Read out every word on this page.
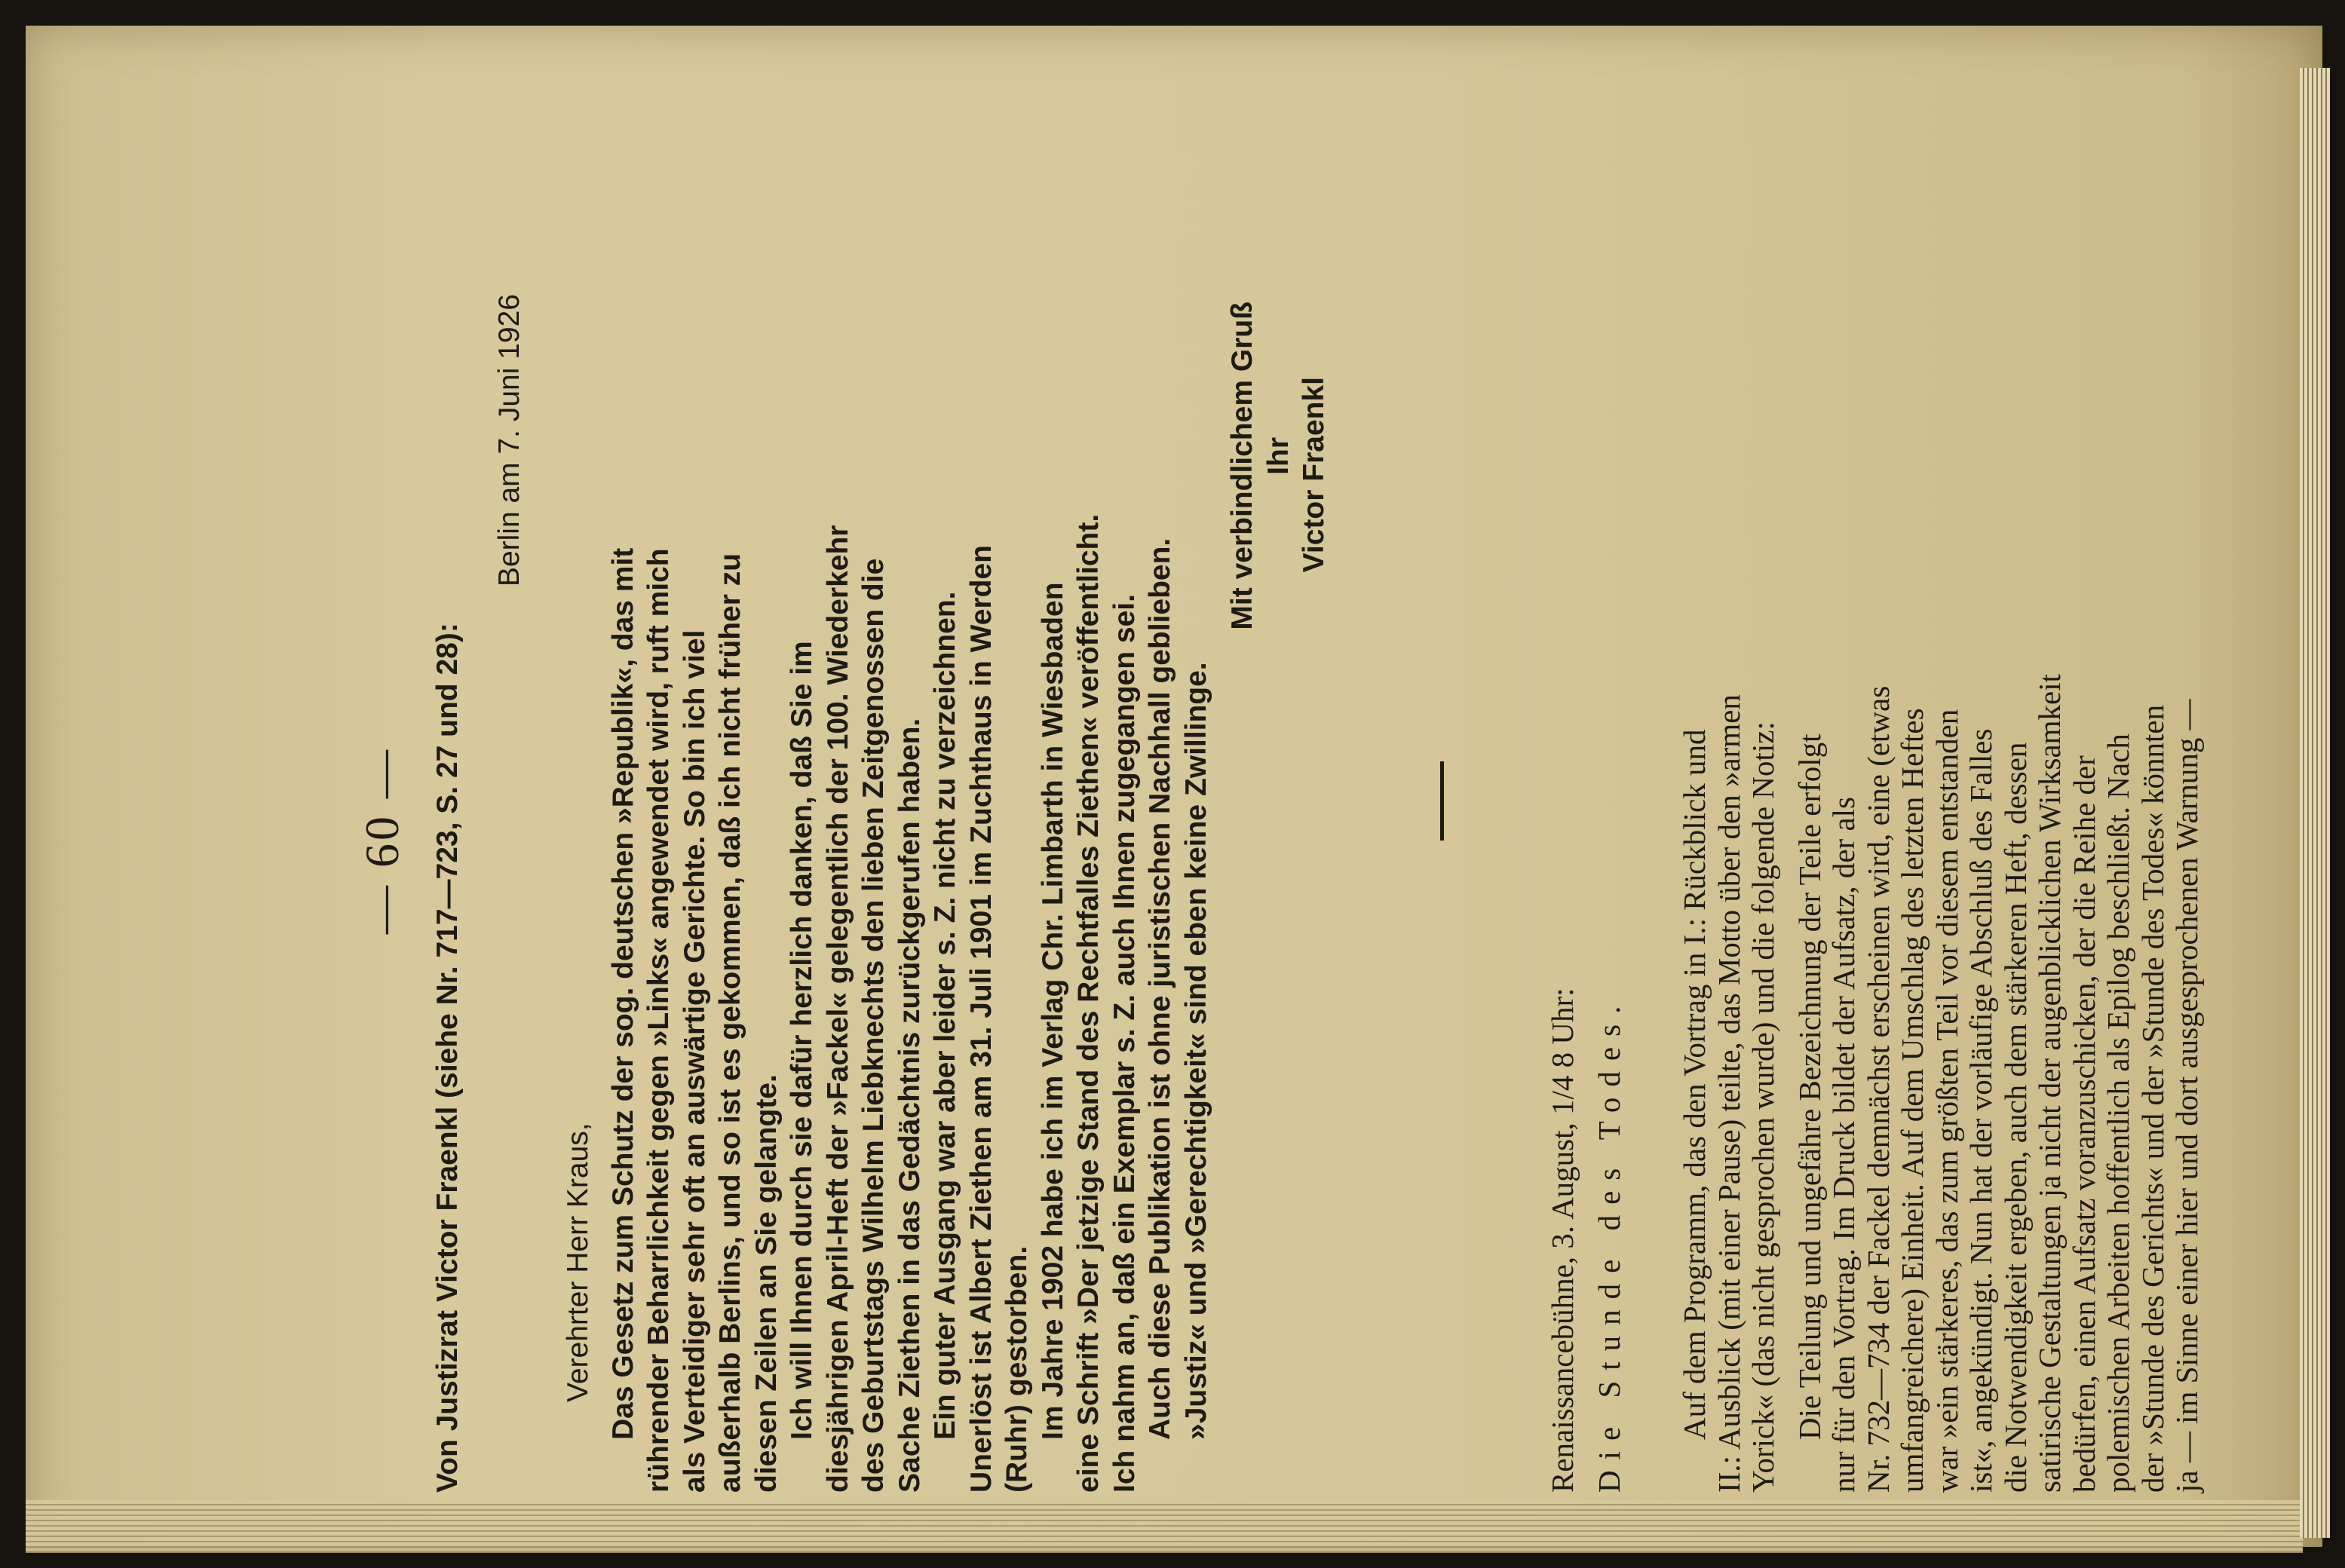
— 60 — Von Justizrat Victor Fraenkl (siehe Nr. 717—723, S. 27 und 28):
Berlin am 7. Juni 1926
Verehrter Herr Kraus, Das Gesetz zum Schutz der sog. deutschen »Republik«, das mit rührender Beharrlichkeit gegen »Links« angewendet wird, ruft mich als Verteidiger sehr oft an auswärtige Gerichte. So bin ich viel außerhalb Berlins, und so ist es gekommen, daß ich nicht früher zu diesen Zeilen an Sie gelangte. Ich will Ihnen durch sie dafür herzlich danken, daß Sie im diesjährigen April-Heft der »Fackel« gelegentlich der 100. Wiederkehr des Geburtstags Wilhelm Liebknechts den lieben Zeitgenossen die Sache Ziethen in das Gedächtnis zurückgerufen haben. Ein guter Ausgang war aber leider s. Z. nicht zu verzeichnen. Unerlöst ist Albert Ziethen am 31. Juli 1901 im Zuchthaus in Werden (Ruhr) gestorben. Im Jahre 1902 habe ich im Verlag Chr. Limbarth in Wiesbaden eine Schrift »Der jetzige Stand des Rechtfalles Ziethen« veröffentlicht. Ich nahm an, daß ein Exemplar s. Z. auch Ihnen zugegangen sei. Auch diese Publikation ist ohne juristischen Nachhall geblieben. »Justiz« und »Gerechtigkeit« sind eben keine Zwillinge.
Mit verbindlichem Gruß Ihr Victor Fraenkl
Renaissancebühne, 3. August, 1/4 8 Uhr: Die Stunde des Todes. Auf dem Programm, das den Vortrag in I.: Rückblick und II.: Ausblick (mit einer Pause) teilte, das Motto über den »armen Yorick« (das nicht gesprochen wurde) und die folgende Notiz: Die Teilung und ungefähre Bezeichnung der Teile erfolgt nur für den Vortrag. Im Druck bildet der Aufsatz, der als Nr. 732—734 der Fackel demnächst erscheinen wird, eine (etwas umfangreichere) Einheit. Auf dem Umschlag des letzten Heftes war »ein stärkeres, das zum größten Teil vor diesem entstanden ist«, angekündigt. Nun hat der vorläufige Abschluß des Falles die Notwendigkeit ergeben, auch dem stärkeren Heft, dessen satirische Gestaltungen ja nicht der augenblicklichen Wirksamkeit bedürfen, einen Aufsatz voranzuschicken, der die Reihe der polemischen Arbeiten hoffentlich als Epilog beschließt. Nach der »Stunde des Gerichts« und der »Stunde des Todes« könnten ja — im Sinne einer hier und dort ausgesprochenen Warnung —
